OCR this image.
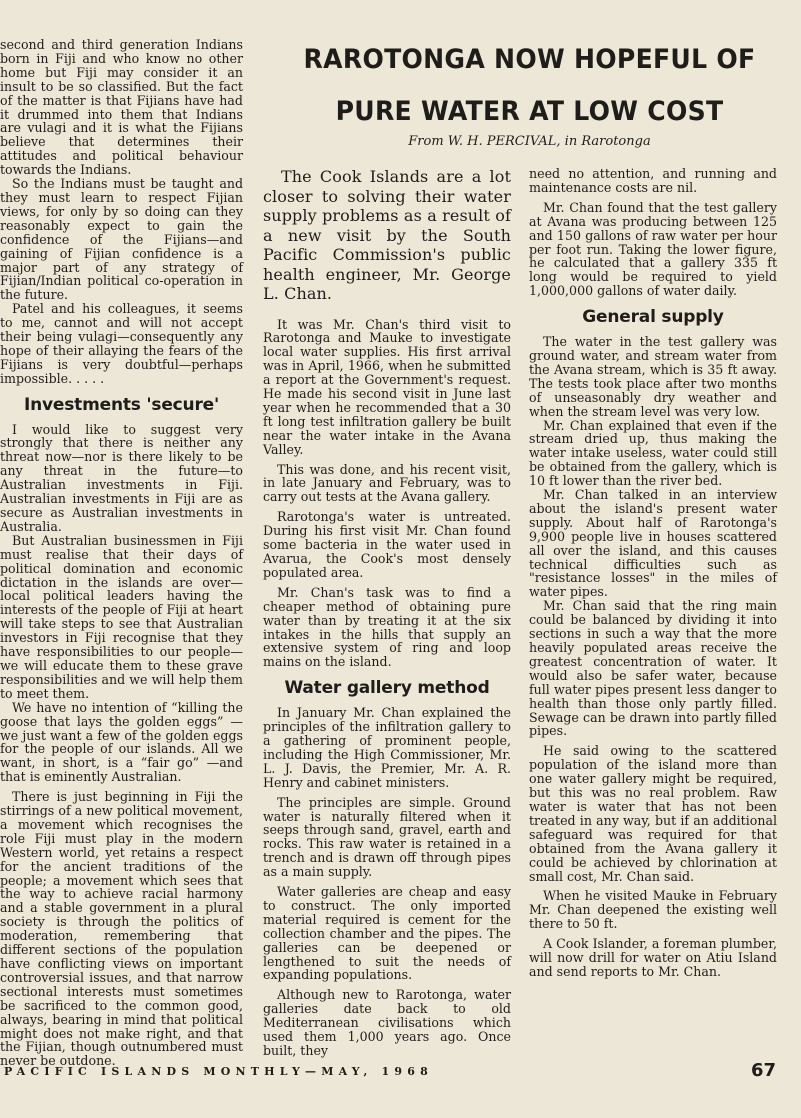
second and third generation Indians born in Fiji and who know no other home but Fiji may consider it an insult to be so classified. But the fact of the matter is that Fijians have had it drummed into them that Indians are vulagi and it is what the Fijians believe that determines their attitudes and political behaviour towards the Indians.

So the Indians must be taught and they must learn to respect Fijian views, for only by so doing can they reasonably expect to gain the confidence of the Fijians—and gaining of Fijian confidence is a major part of any strategy of Fijian/Indian political co-operation in the future.

Patel and his colleagues, it seems to me, cannot and will not accept their being vulagi—consequently any hope of their allaying the fears of the Fijians is very doubtful—perhaps impossible. . . . .

Investments 'secure'

I would like to suggest very strongly that there is neither any threat now—nor is there likely to be any threat in the future—to Australian investments in Fiji. Australian investments in Fiji are as secure as Australian investments in Australia.

But Australian businessmen in Fiji must realise that their days of political domination and economic dictation in the islands are over—local political leaders having the interests of the people of Fiji at heart will take steps to see that Australian investors in Fiji recognise that they have responsibilities to our people—we will educate them to these grave responsibilities and we will help them to meet them.

We have no intention of “killing the goose that lays the golden eggs” —we just want a few of the golden eggs for the people of our islands. All we want, in short, is a “fair go” —and that is eminently Australian.

There is just beginning in Fiji the stirrings of a new political movement, a movement which recognises the role Fiji must play in the modern Western world, yet retains a respect for the ancient traditions of the people; a movement which sees that the way to achieve racial harmony and a stable government in a plural society is through the politics of moderation, remembering that different sections of the population have conflicting views on important controversial issues, and that narrow sectional interests must sometimes be sacrificed to the common good, always, bearing in mind that political might does not make right, and that the Fijian, though outnumbered must never be outdone.

RAROTONGA NOW HOPEFUL OF
PURE WATER AT LOW COST
From W. H. PERCIVAL, in Rarotonga

The Cook Islands are a lot closer to solving their water supply problems as a result of a new visit by the South Pacific Commission's public health engineer, Mr. George L. Chan.

It was Mr. Chan's third visit to Rarotonga and Mauke to investigate local water supplies. His first arrival was in April, 1966, when he submitted a report at the Government's request. He made his second visit in June last year when he recommended that a 30 ft long test infiltration gallery be built near the water intake in the Avana Valley.

This was done, and his recent visit, in late January and February, was to carry out tests at the Avana gallery.

Rarotonga's water is untreated. During his first visit Mr. Chan found some bacteria in the water used in Avarua, the Cook's most densely populated area.

Mr. Chan's task was to find a cheaper method of obtaining pure water than by treating it at the six intakes in the hills that supply an extensive system of ring and loop mains on the island.

Water gallery method

In January Mr. Chan explained the principles of the infiltration gallery to a gathering of prominent people, including the High Commissioner, Mr. L. J. Davis, the Premier, Mr. A. R. Henry and cabinet ministers.

The principles are simple. Ground water is naturally filtered when it seeps through sand, gravel, earth and rocks. This raw water is retained in a trench and is drawn off through pipes as a main supply.

Water galleries are cheap and easy to construct. The only imported material required is cement for the collection chamber and the pipes. The galleries can be deepened or lengthened to suit the needs of expanding populations.

Although new to Rarotonga, water galleries date back to old Mediterranean civilisations which used them 1,000 years ago. Once built, they

need no attention, and running and maintenance costs are nil.

Mr. Chan found that the test gallery at Avana was producing between 125 and 150 gallons of raw water per hour per foot run. Taking the lower figure, he calculated that a gallery 335 ft long would be required to yield 1,000,000 gallons of water daily.

General supply

The water in the test gallery was ground water, and stream water from the Avana stream, which is 35 ft away. The tests took place after two months of unseasonably dry weather and when the stream level was very low.

Mr. Chan explained that even if the stream dried up, thus making the water intake useless, water could still be obtained from the gallery, which is 10 ft lower than the river bed.

Mr. Chan talked in an interview about the island's present water supply. About half of Rarotonga's 9,900 people live in houses scattered all over the island, and this causes technical difficulties such as "resistance losses" in the miles of water pipes.

Mr. Chan said that the ring main could be balanced by dividing it into sections in such a way that the more heavily populated areas receive the greatest concentration of water. It would also be safer water, because full water pipes present less danger to health than those only partly filled. Sewage can be drawn into partly filled pipes.

He said owing to the scattered population of the island more than one water gallery might be required, but this was no real problem. Raw water is water that has not been treated in any way, but if an additional safeguard was required for that obtained from the Avana gallery it could be achieved by chlorination at small cost, Mr. Chan said.

When he visited Mauke in February Mr. Chan deepened the existing well there to 50 ft.

A Cook Islander, a foreman plumber, will now drill for water on Atiu Island and send reports to Mr. Chan.

PACIFIC ISLANDS MONTHLY—MAY, 1968	67
